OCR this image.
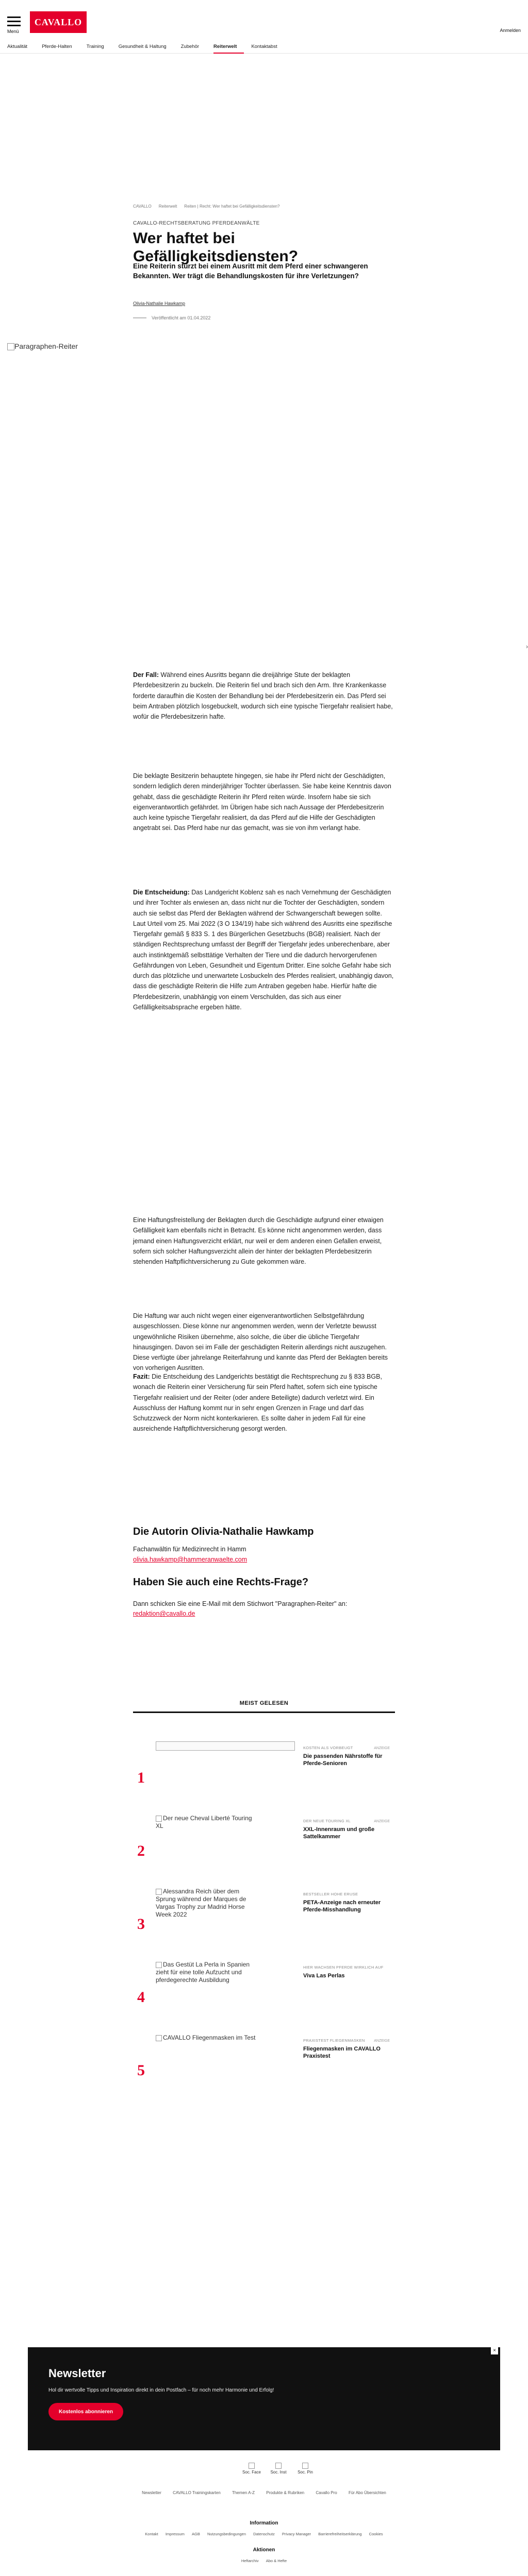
Menü
CAVALLO
Anmelden
Aktualität	Pferde-Halten	Training	Gesundheit & Haltung	Zubehör	Reiterwelt	Kontaktabst
CAVALLO Reiterwelt Reiten | Recht: Wer haftet bei Gefälligkeitsdiensten?
CAVALLO-RECHTSBERATUNG PFERDEANWÄLTE
Wer haftet bei Gefälligkeitsdiensten?
Eine Reiterin stürzt bei einem Ausritt mit dem Pferd einer schwangeren Bekannten. Wer trägt die Behandlungskosten für ihre Verletzungen?
Olivia-Nathalie Hawkamp
Veröffentlicht am 01.04.2022
Paragraphen-Reiter
›
Der Fall: Während eines Ausritts begann die dreijährige Stute der beklagten Pferdebesitzerin zu buckeln. Die Reiterin fiel und brach sich den Arm. Ihre Krankenkasse forderte daraufhin die Kosten der Behandlung bei der Pferdebesitzerin ein. Das Pferd sei beim Antraben plötzlich losgebuckelt, wodurch sich eine typische Tiergefahr realisiert habe, wofür die Pferdebesitzerin hafte.
Die beklagte Besitzerin behauptete hingegen, sie habe ihr Pferd nicht der Geschädigten, sondern lediglich deren minderjähriger Tochter überlassen. Sie habe keine Kenntnis davon gehabt, dass die geschädigte Reiterin ihr Pferd reiten würde. Insofern habe sie sich eigenverantwortlich gefährdet. Im Übrigen habe sich nach Aussage der Pferdebesitzerin auch keine typische Tiergefahr realisiert, da das Pferd auf die Hilfe der Geschädigten angetrabt sei. Das Pferd habe nur das gemacht, was sie von ihm verlangt habe.
Die Entscheidung: Das Landgericht Koblenz sah es nach Vernehmung der Geschädigten und ihrer Tochter als erwiesen an, dass nicht nur die Tochter der Geschädigten, sondern auch sie selbst das Pferd der Beklagten während der Schwangerschaft bewegen sollte. Laut Urteil vom 25. Mai 2022 (3 O 134/19) habe sich während des Ausritts eine spezifische Tiergefahr gemäß § 833 S. 1 des Bürgerlichen Gesetzbuchs (BGB) realisiert. Nach der ständigen Rechtsprechung umfasst der Begriff der Tiergefahr jedes unberechenbare, aber auch instinktgemäß selbsttätige Verhalten der Tiere und die dadurch hervorgerufenen Gefährdungen von Leben, Gesundheit und Eigentum Dritter. Eine solche Gefahr habe sich durch das plötzliche und unerwartete Losbuckeln des Pferdes realisiert, unabhängig davon, dass die geschädigte Reiterin die Hilfe zum Antraben gegeben habe. Hierfür hafte die Pferdebesitzerin, unabhängig von einem Verschulden, das sich aus einer Gefälligkeitsabsprache ergeben hätte.
Eine Haftungsfreistellung der Beklagten durch die Geschädigte aufgrund einer etwaigen Gefälligkeit kam ebenfalls nicht in Betracht. Es könne nicht angenommen werden, dass jemand einen Haftungsverzicht erklärt, nur weil er dem anderen einen Gefallen erweist, sofern sich solcher Haftungsverzicht allein der hinter der beklagten Pferdebesitzerin stehenden Haftpflichtversicherung zu Gute gekommen wäre.
Die Haftung war auch nicht wegen einer eigenverantwortlichen Selbstgefährdung ausgeschlossen. Diese könne nur angenommen werden, wenn der Verletzte bewusst ungewöhnliche Risiken übernehme, also solche, die über die übliche Tiergefahr hinausgingen. Davon sei im Falle der geschädigten Reiterin allerdings nicht auszugehen. Diese verfügte über jahrelange Reiterfahrung und kannte das Pferd der Beklagten bereits von vorherigen Ausritten.
Fazit: Die Entscheidung des Landgerichts bestätigt die Rechtsprechung zu § 833 BGB, wonach die Reiterin einer Versicherung für sein Pferd haftet, sofern sich eine typische Tiergefahr realisiert und der Reiter (oder andere Beteiligte) dadurch verletzt wird. Ein Ausschluss der Haftung kommt nur in sehr engen Grenzen in Frage und darf das Schutzzweck der Norm nicht konterkarieren. Es sollte daher in jedem Fall für eine ausreichende Haftpflichtversicherung gesorgt werden.
Die Autorin Olivia-Nathalie Hawkamp
Fachanwältin für Medizinrecht in Hamm
olivia.hawkamp@hammeranwaelte.com
Haben Sie auch eine Rechts-Frage?
Dann schicken Sie eine E-Mail mit dem Stichwort "Paragraphen-Reiter" an:
redaktion@cavallo.de
MEIST GELESEN
1
KOSTEN ALS VORBEUGT
Die passenden Nährstoffe für Pferde-Senioren
ANZEIGE
2
Der neue Cheval Liberté Touring XL
DER NEUE TOURING XL
XXL-Innenraum und große Sattelkammer
ANZEIGE
3
Alessandra Reich über dem Sprung während der Marques de Vargas Trophy zur Madrid Horse Week 2022
BESTSELLER HOHE ERUSE
PETA-Anzeige nach erneuter Pferde-Misshandlung
4
Das Gestüt La Perla in Spanien zieht für eine tolle Aufzucht und pferdegerechte Ausbildung
HIER WACHSEN PFERDE WIRKLICH AUF
Viva Las Perlas
5
CAVALLO Fliegenmasken im Test	PRAXISTEST FLIEGENMASKEN
Fliegenmasken im CAVALLO Praxistest
ANZEIGE
×
Newsletter
Hol dir wertvolle Tipps und Inspiration direkt in dein Postfach – für noch mehr Harmonie und Erfolg!
Kostenlos abonnieren
Soc. Face	Soc. Inst	Soc. Pin
Newsletter	CAVALLO Trainingskarten	Themen A-Z	Produkte & Rubriken	Cavallo Pro	Für Abo Übersichten
Information
Kontakt Impressum AGB Nutzungsbedingungen Datenschutz Privacy Manager Barrierefreiheitserklärung Cookies
Aktionen
Heftarchiv Abo & Hefte
